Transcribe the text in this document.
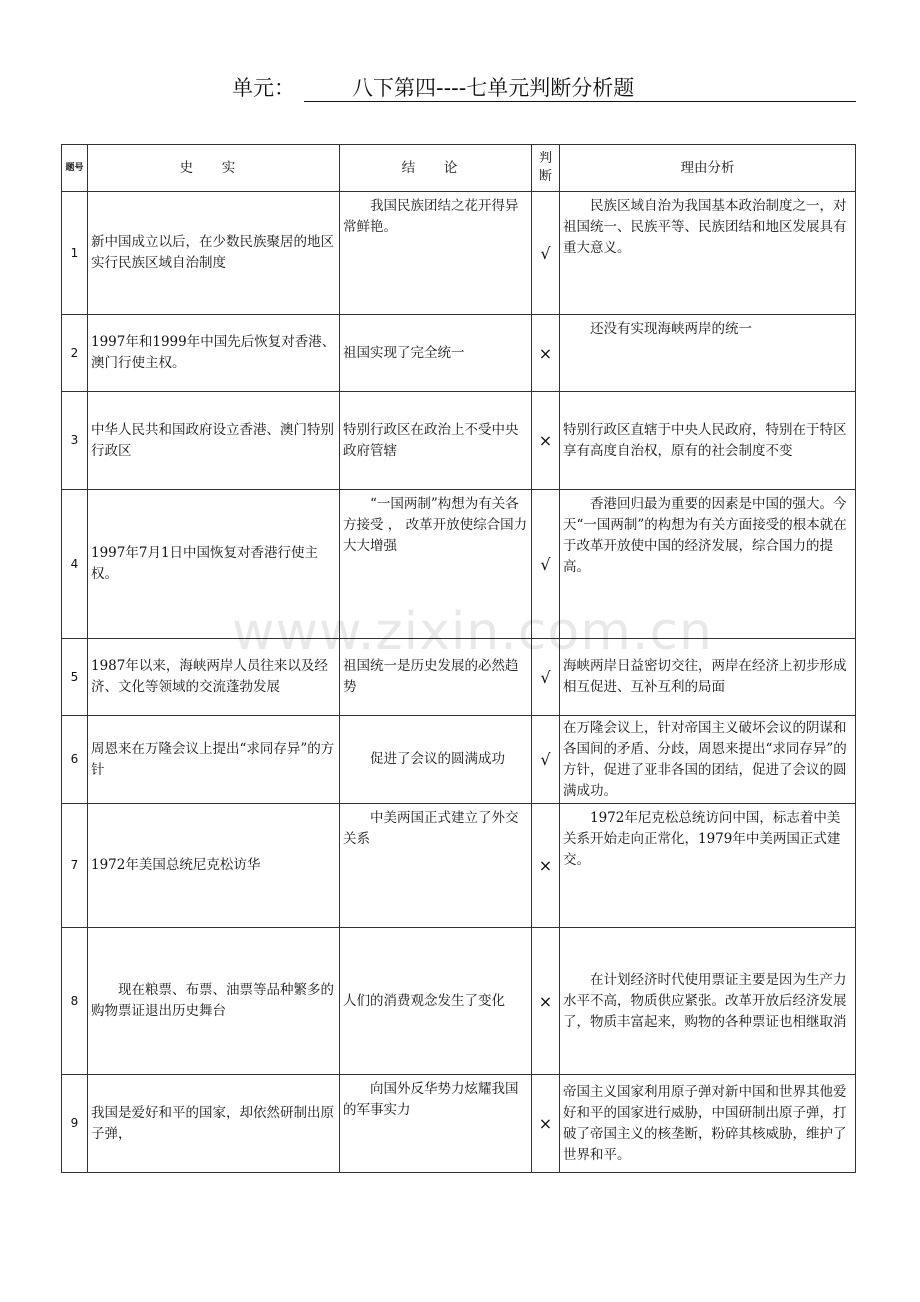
单元：	八下第四----七单元判断分析题
题号	史 实	结 论	判断	理由分析
1	新中国成立以后，在少数民族聚居的地区实行民族区域自治制度	我国民族团结之花开得异常鲜艳。	√	民族区域自治为我国基本政治制度之一，对祖国统一、民族平等、民族团结和地区发展具有重大意义。
2	1997年和1999年中国先后恢复对香港、澳门行使主权。	祖国实现了完全统一	×	还没有实现海峡两岸的统一
3	中华人民共和国政府设立香港、澳门特别行政区	特别行政区在政治上不受中央政府管辖	×	特别行政区直辖于中央人民政府，特别在于特区享有高度自治权，原有的社会制度不变
4	1997年7月1日中国恢复对香港行使主权。	“一国两制”构想为有关各方接受 ， 改革开放使综合国力大大增强	√	香港回归最为重要的因素是中国的强大。今天“一国两制”的构想为有关方面接受的根本就在于改革开放使中国的经济发展，综合国力的提高。
5	1987年以来，海峡两岸人员往来以及经济、文化等领域的交流蓬勃发展	祖国统一是历史发展的必然趋势	√	海峡两岸日益密切交往，两岸在经济上初步形成相互促进、互补互利的局面
6	周恩来在万隆会议上提出“求同存异”的方针	促进了会议的圆满成功	√	在万隆会议上，针对帝国主义破坏会议的阴谋和各国间的矛盾、分歧，周恩来提出“求同存异”的方针，促进了亚非各国的团结，促进了会议的圆满成功。
7	1972年美国总统尼克松访华	中美两国正式建立了外交关系	×	1972年尼克松总统访问中国，标志着中美关系开始走向正常化，1979年中美两国正式建交。
8	现在粮票、布票、油票等品种繁多的购物票证退出历史舞台	人们的消费观念发生了变化	×	在计划经济时代使用票证主要是因为生产力水平不高，物质供应紧张。改革开放后经济发展了，物质丰富起来，购物的各种票证也相继取消
9	我国是爱好和平的国家，却依然研制出原子弹，	向国外反华势力炫耀我国的军事实力	×	帝国主义国家利用原子弹对新中国和世界其他爱好和平的国家进行威胁，中国研制出原子弹，打破了帝国主义的核垄断，粉碎其核威胁，维护了世界和平。
www.zixin.com.cn
